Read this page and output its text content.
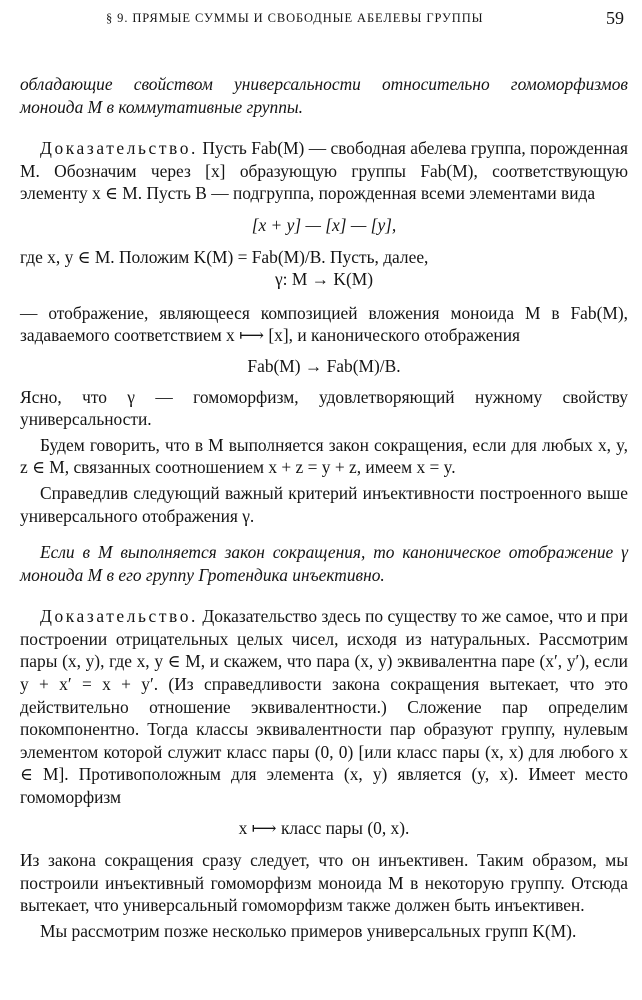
§ 9. ПРЯМЫЕ СУММЫ И СВОБОДНЫЕ АБЕЛЕВЫ ГРУППЫ	59

обладающие свойством универсальности относительно гомоморфизмов моноида M в коммутативные группы.

Доказательство. Пусть Fab(M) — свободная абелева группа, порожденная M. Обозначим через [x] образующую группы Fab(M), соответствующую элементу x ∈ M. Пусть B — подгруппа, порожденная всеми элементами вида

[x + y] — [x] — [y],

где x, y ∈ M. Положим K(M) = Fab(M)/B. Пусть, далее,

γ: M → K(M)

— отображение, являющееся композицией вложения моноида M в Fab(M), задаваемого соответствием x ⟼ [x], и канонического отображения

Fab(M) → Fab(M)/B.

Ясно, что γ — гомоморфизм, удовлетворяющий нужному свойству универсальности.

Будем говорить, что в M выполняется закон сокращения, если для любых x, y, z ∈ M, связанных соотношением x + z = y + z, имеем x = y.

Справедлив следующий важный критерий инъективности построенного выше универсального отображения γ.

Если в M выполняется закон сокращения, то каноническое отображение γ моноида M в его группу Гротендика инъективно.

Доказательство. Доказательство здесь по существу то же самое, что и при построении отрицательных целых чисел, исходя из натуральных. Рассмотрим пары (x, y), где x, y ∈ M, и скажем, что пара (x, y) эквивалентна паре (x′, y′), если y + x′ = x + y′. (Из справедливости закона сокращения вытекает, что это действительно отношение эквивалентности.) Сложение пар определим покомпонентно. Тогда классы эквивалентности пар образуют группу, нулевым элементом которой служит класс пары (0, 0) [или класс пары (x, x) для любого x ∈ M]. Противоположным для элемента (x, y) является (y, x). Имеет место гомоморфизм

x ⟼ класс пары (0, x).

Из закона сокращения сразу следует, что он инъективен. Таким образом, мы построили инъективный гомоморфизм моноида M в некоторую группу. Отсюда вытекает, что универсальный гомоморфизм также должен быть инъективен.

Мы рассмотрим позже несколько примеров универсальных групп K(M).
